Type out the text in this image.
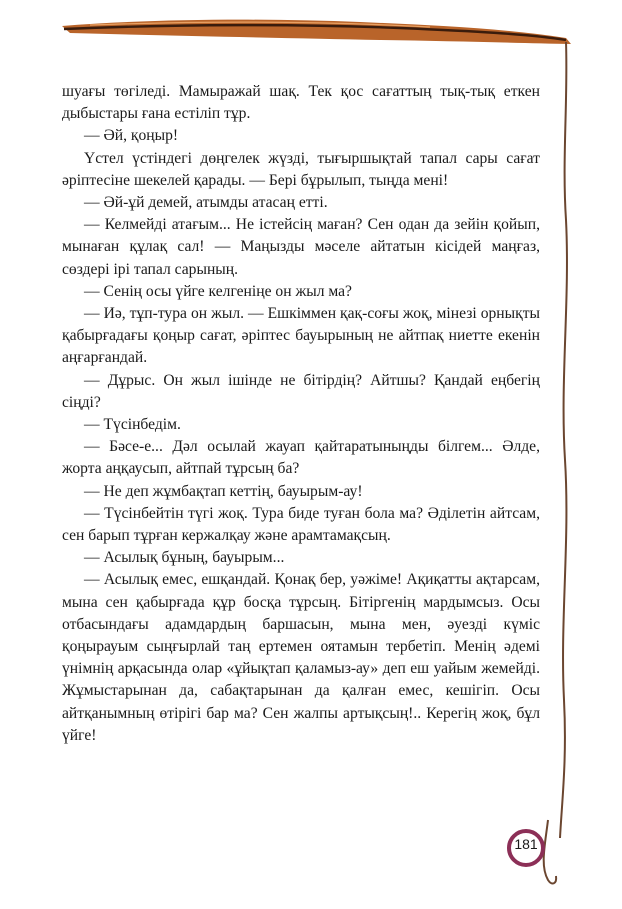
шуағы төгіледі. Мамыражай шақ. Тек қос сағаттың тық-тық еткен дыбыстары ғана естіліп тұр.

— Әй, қоңыр!

Үстел үстіндегі дөңгелек жүзді, тығыршықтай тапал сары сағат әріптесіне шекелей қарады. — Бері бұрылып, тыңда мені!

— Әй-ұй демей, атымды атасаң етті.

— Келмейді атағым... Не істейсің маған? Сен одан да зейін қойып, мынаған құлақ сал! — Маңызды мәселе айтатын кісідей маңғаз, сөздері ірі тапал сарының.

— Сенің осы үйге келгеніңе он жыл ма?

— Иә, тұп-тура он жыл. — Ешкіммен қақ-соғы жоқ, мінезі орнықты қабырғадағы қоңыр сағат, әріптес бауырының не айтпақ ниетте екенін аңғарғандай.

— Дұрыс. Он жыл ішінде не бітірдің? Айтшы? Қандай еңбегің сіңді?

— Түсінбедім.

— Бәсе-е... Дәл осылай жауап қайтаратыныңды білгем... Әлде, жорта аңқаусып, айтпай тұрсың ба?

— Не деп жұмбақтап кеттің, бауырым-ау!

— Түсінбейтін түгі жоқ. Тура биде туған бола ма? Әділетін айтсам, сен барып тұрған кержалқау және арамтамақсың.

— Асылық бұның, бауырым...

— Асылық емес, ешқандай. Қонақ бер, уәжіме! Ақиқатты ақтарсам, мына сен қабырғада құр босқа тұрсың. Бітіргенің мардымсыз. Осы отбасындағы адамдардың баршасын, мына мен, әуезді күміс қоңырауым сыңғырлай таң ертемен оятамын тербетіп. Менің әдемі үнімнің арқасында олар «ұйықтап қаламыз-ау» деп еш уайым жемейді. Жұмыстарынан да, сабақтарынан да қалған емес, кешігіп. Осы айтқанымның өтірігі бар ма? Сен жалпы артықсың!.. Керегің жоқ, бұл үйге!

181
